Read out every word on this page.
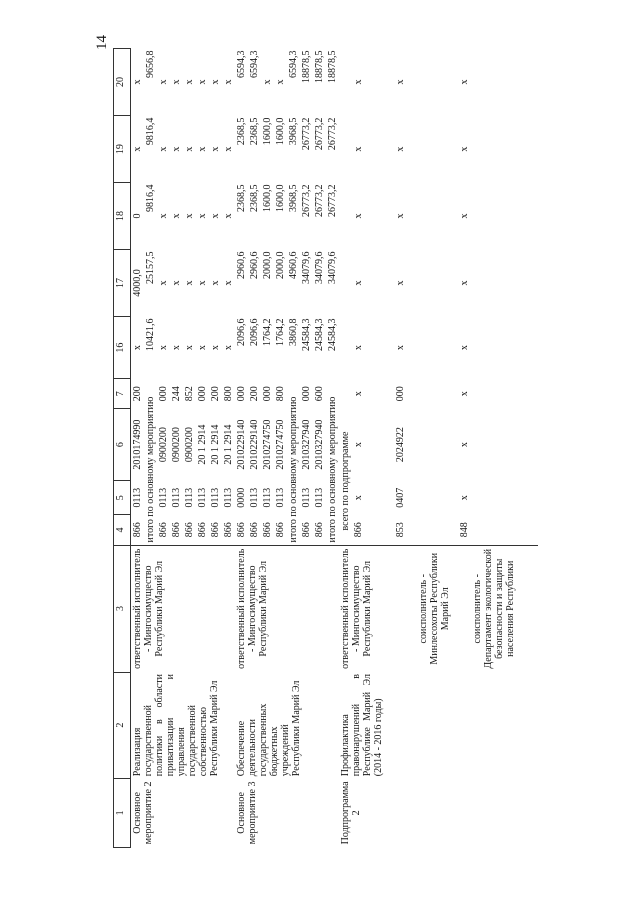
14
1	2	3	4	5	6	7	16	17	18	19	20
Основное мероприятие 2	Реализация государственной политики в области приватизации и управления государственной собственностью Республики Марий Эл	ответственный исполнитель - Мингосимущество Республики Марий Эл	866	0113	2010174990	200	x	4000,0	0	x	x
			итого по основному мероприятию				10421,6	25157,5	9816,4	9816,4	9656,8
			866	0113	0900200	000	x	x	x	x	x
			866	0113	0900200	244	x	x	x	x	x
			866	0113	0900200	852	x	x	x	x	x
			866	0113	20 1 2914	000	x	x	x	x	x
			866	0113	20 1 2914	200	x	x	x	x	x
			866	0113	20 1 2914	800	x	x	x	x	x
Основное мероприятие 3	Обеспечение деятельности государственных бюджетных учреждений Республики Марий Эл	ответственный исполнитель - Мингосимущество Республики Марий Эл	866	0000	2010229140	000	2096,6	2960,6	2368,5	2368,5	6594,3
			866	0113	2010229140	200	2096,6	2960,6	2368,5	2368,5	6594,3
			866	0113	2010274750	000	1764,2	2000,0	1600,0	1600,0	x
			866	0113	2010274750	800	1764,2	2000,0	1600,0	1600,0	x
			итого по основному мероприятию				3860,8	4960,6	3968,5	3968,5	6594,3
			866	0113	2010327940	000	24584,3	34079,6	26773,2	26773,2	18878,5
			866	0113	2010327940	600	24584,3	34079,6	26773,2	26773,2	18878,5
			итого по основному мероприятию				24584,3	34079,6	26773,2	26773,2	18878,5
Подпрограмма 2	Профилактика правонарушений в Республике Марий Эл (2014 - 2016 годы)	ответственный исполнитель - Мингосимущество Республики Марий Эл	всего по подпрограмме								
			866	x	x	x	x	x	x	x	x
		соисполнитель - Минлесохоты Республики Марий Эл	853	0407	2024922	000	x	x	x	x	x
		соисполнитель - Департамент экологической безопасности и защиты населения Республики	848	x	x	x	x	x	x	x	x
